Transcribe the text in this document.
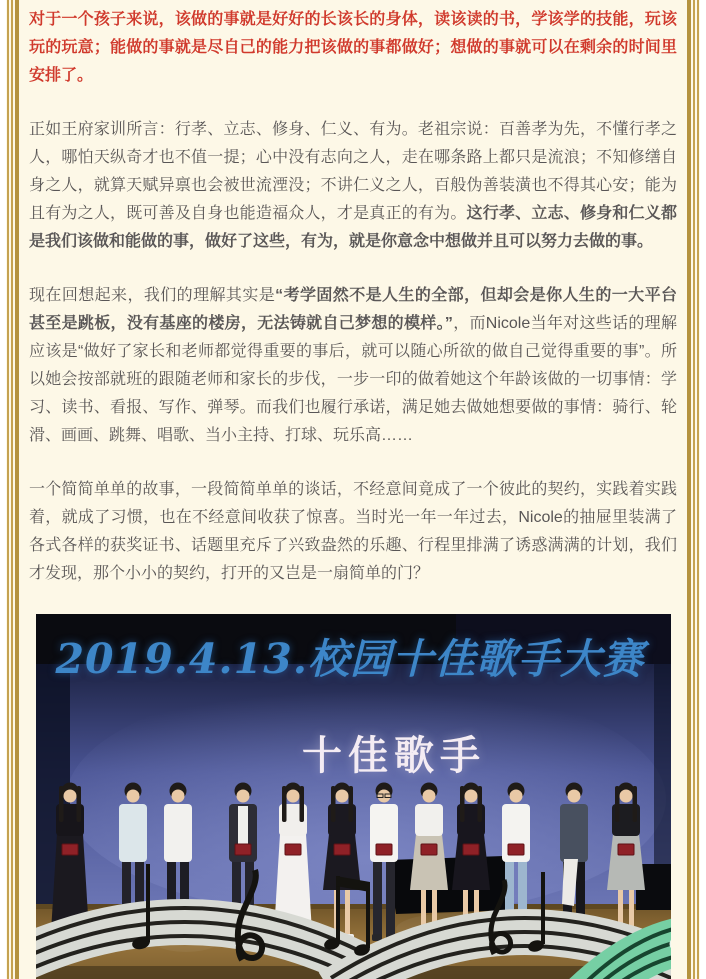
对于一个孩子来说，该做的事就是好好的长该长的身体，读该读的书，学该学的技能，玩该玩的玩意；能做的事就是尽自己的能力把该做的事都做好；想做的事就可以在剩余的时间里安排了。

正如王府家训所言：行孝、立志、修身、仁义、有为。老祖宗说：百善孝为先，不懂行孝之人，哪怕天纵奇才也不值一提；心中没有志向之人，走在哪条路上都只是流浪；不知修缮自身之人，就算天赋异禀也会被世流湮没；不讲仁义之人，百般伪善装潢也不得其心安；能为且有为之人，既可善及自身也能造福众人，才是真正的有为。这行孝、立志、修身和仁义都是我们该做和能做的事，做好了这些，有为，就是你意念中想做并且可以努力去做的事。

现在回想起来，我们的理解其实是“考学固然不是人生的全部，但却会是你人生的一大平台甚至是跳板，没有基座的楼房，无法铸就自己梦想的模样。”，而Nicole当年对这些话的理解应该是“做好了家长和老师都觉得重要的事后，就可以随心所欲的做自己觉得重要的事”。所以她会按部就班的跟随老师和家长的步伐，一步一印的做着她这个年龄该做的一切事情：学习、读书、看报、写作、弹琴。而我们也履行承诺，满足她去做她想要做的事情：骑行、轮滑、画画、跳舞、唱歌、当小主持、打球、玩乐高……

一个简简单单的故事，一段简简单单的谈话，不经意间竟成了一个彼此的契约，实践着实践着，就成了习惯，也在不经意间收获了惊喜。当时光一年一年过去，Nicole的抽屉里装满了各式各样的获奖证书、话题里充斥了兴致盎然的乐趣、行程里排满了诱惑满满的计划，我们才发现，那个小小的契约，打开的又岂是一扇简单的门？

2019.4.13.校园十佳歌手大赛
十佳歌手
